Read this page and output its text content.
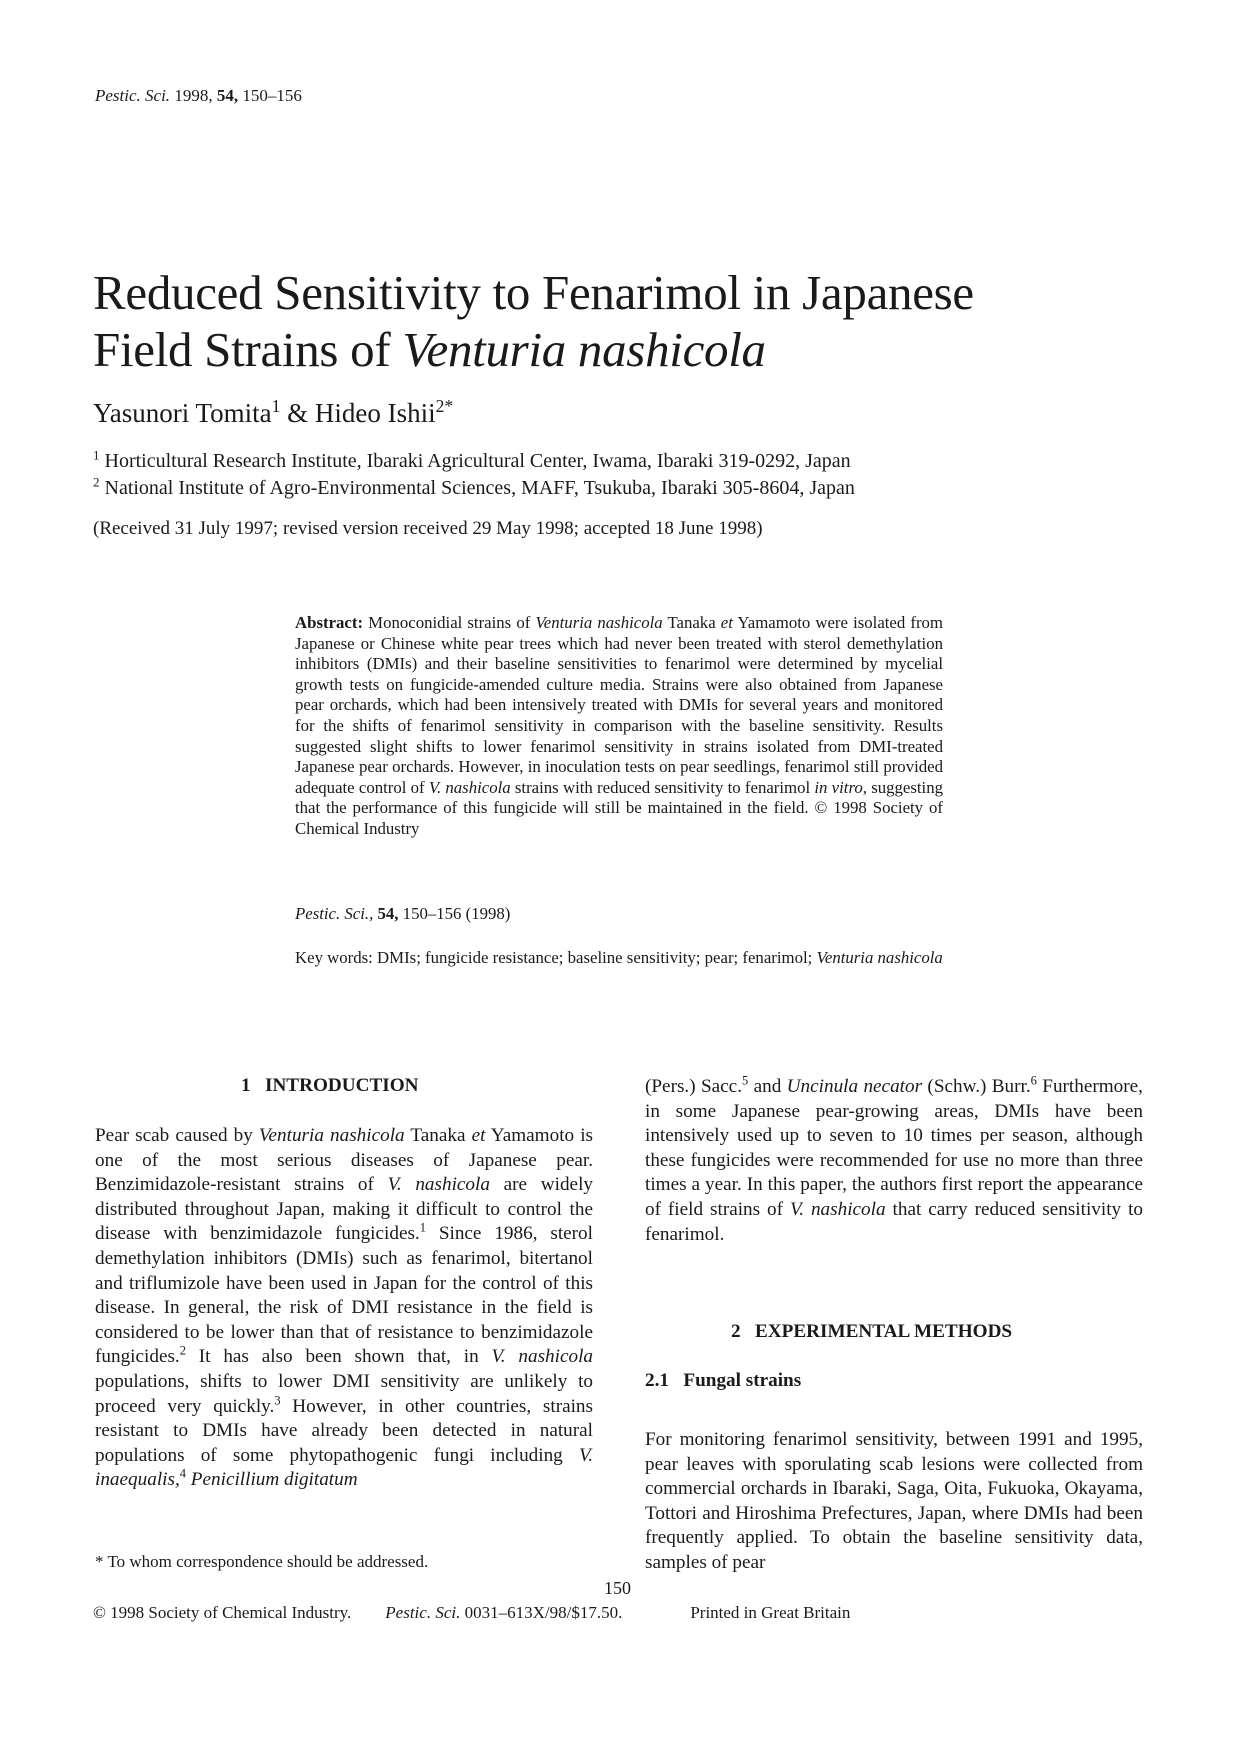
Pestic. Sci. 1998, 54, 150–156
Reduced Sensitivity to Fenarimol in Japanese
Field Strains of Venturia nashicola
Yasunori Tomita$^1$ & Hideo Ishii$^{2*}$
$^1$ Horticultural Research Institute, Ibaraki Agricultural Center, Iwama, Ibaraki 319-0292, Japan
$^2$ National Institute of Agro-Environmental Sciences, MAFF, Tsukuba, Ibaraki 305-8604, Japan
(Received 31 July 1997; revised version received 29 May 1998; accepted 18 June 1998)

Abstract: Monoconidial strains of Venturia nashicola Tanaka et Yamamoto were isolated from Japanese or Chinese white pear trees which had never been treated with sterol demethylation inhibitors (DMIs) and their baseline sensitivities to fenarimol were determined by mycelial growth tests on fungicide-amended culture media. Strains were also obtained from Japanese pear orchards, which had been intensively treated with DMIs for several years and monitored for the shifts of fenarimol sensitivity in comparison with the baseline sensitivity. Results suggested slight shifts to lower fenarimol sensitivity in strains isolated from DMI-treated Japanese pear orchards. However, in inoculation tests on pear seedlings, fenarimol still provided adequate control of V. nashicola strains with reduced sensitivity to fenarimol in vitro, suggesting that the performance of this fungicide will still be maintained in the field. © 1998 Society of Chemical Industry

Pestic. Sci., 54, 150–156 (1998)
Key words: DMIs; fungicide resistance; baseline sensitivity; pear; fenarimol; Venturia nashicola
1   INTRODUCTION

Pear scab caused by Venturia nashicola Tanaka et Yamamoto is one of the most serious diseases of Japanese pear. Benzimidazole-resistant strains of V. nashicola are widely distributed throughout Japan, making it difficult to control the disease with benzimidazole fungicides.$^1$ Since 1986, sterol demethylation inhibitors (DMIs) such as fenarimol, bitertanol and triflumizole have been used in Japan for the control of this disease. In general, the risk of DMI resistance in the field is considered to be lower than that of resistance to benzimidazole fungicides.$^2$ It has also been shown that, in V. nashicola populations, shifts to lower DMI sensitivity are unlikely to proceed very quickly.$^3$ However, in other countries, strains resistant to DMIs have already been detected in natural populations of some phytopathogenic fungi including V. inaequalis,$^4$ Penicillium digitatum

(Pers.) Sacc.$^5$ and Uncinula necator (Schw.) Burr.$^6$ Furthermore, in some Japanese pear-growing areas, DMIs have been intensively used up to seven to 10 times per season, although these fungicides were recommended for use no more than three times a year. In this paper, the authors first report the appearance of field strains of V. nashicola that carry reduced sensitivity to fenarimol.

2   EXPERIMENTAL METHODS
2.1   Fungal strains

For monitoring fenarimol sensitivity, between 1991 and 1995, pear leaves with sporulating scab lesions were collected from commercial orchards in Ibaraki, Saga, Oita, Fukuoka, Okayama, Tottori and Hiroshima Prefectures, Japan, where DMIs had been frequently applied. To obtain the baseline sensitivity data, samples of pear

* To whom correspondence should be addressed.
150
© 1998 Society of Chemical Industry. Pestic. Sci. 0031–613X/98/$17.50.	Printed in Great Britain
